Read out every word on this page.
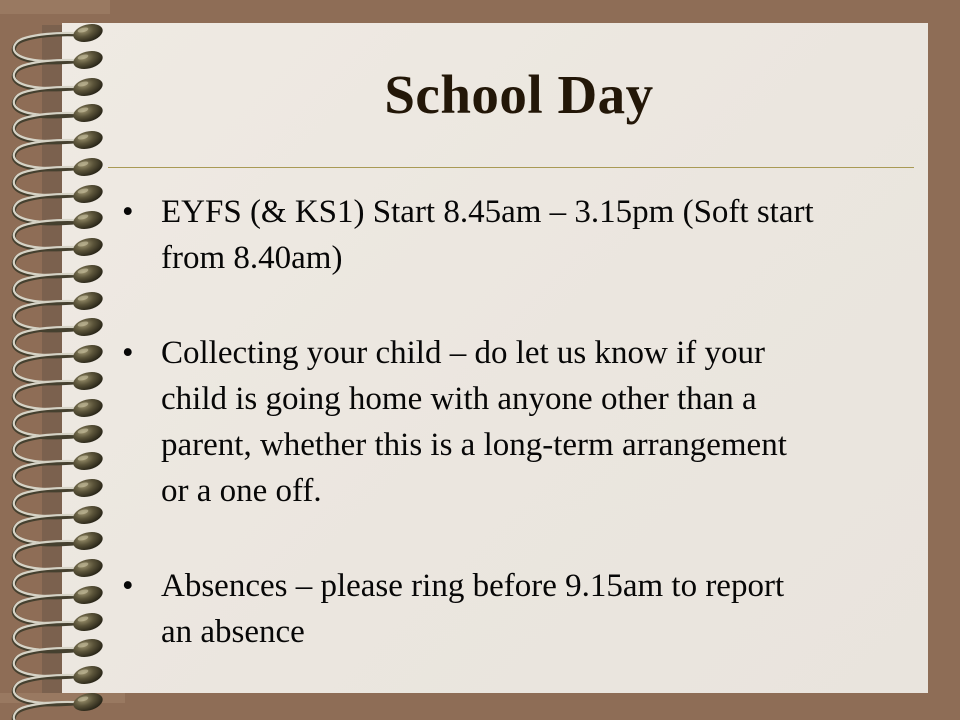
School Day
• EYFS (& KS1) Start 8.45am – 3.15pm (Soft start
from 8.40am)
• Collecting your child – do let us know if your
child is going home with anyone other than a
parent, whether this is a long-term arrangement
or a one off.
• Absences – please ring before 9.15am to report
an absence
